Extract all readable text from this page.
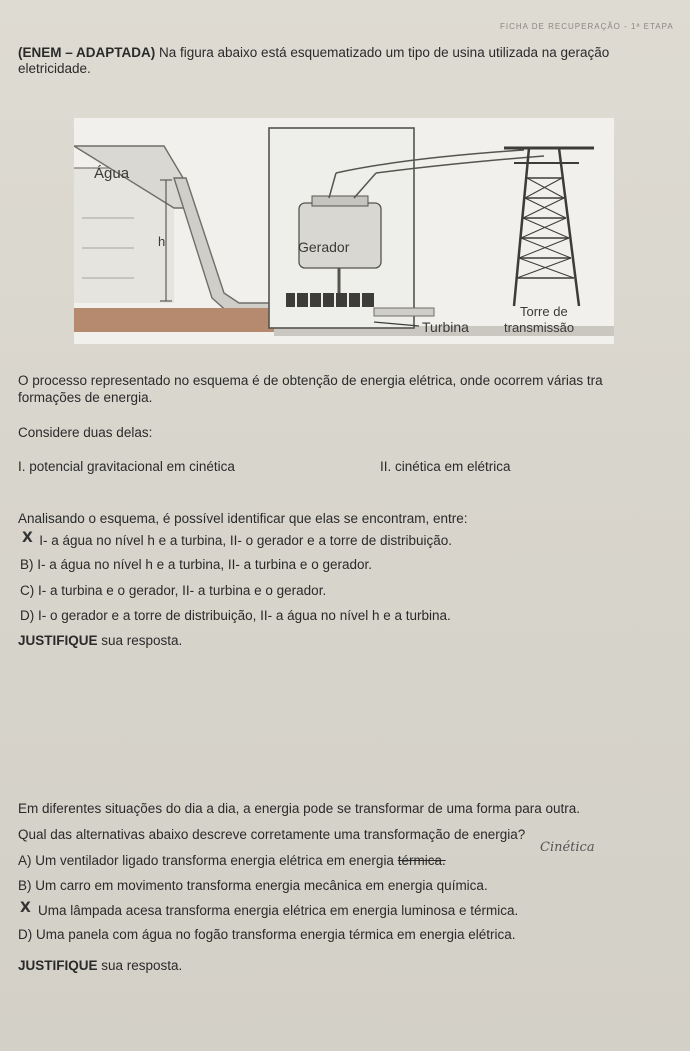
FICHA DE RECUPERAÇÃO - 1ª ETAPA
(ENEM – ADAPTADA) Na figura abaixo está esquematizado um tipo de usina utilizada na geração
eletricidade.
Água
h	Gerador
Turbina
Torre de
transmissão
O processo representado no esquema é de obtenção de energia elétrica, onde ocorrem várias tra
formações de energia.
Considere duas delas:
I. potencial gravitacional em cinética	II. cinética em elétrica
Analisando o esquema, é possível identificar que elas se encontram, entre:
X I- a água no nível h e a turbina, II- o gerador e a torre de distribuição.
B) I- a água no nível h e a turbina, II- a turbina e o gerador.
C) I- a turbina e o gerador, II- a turbina e o gerador.
D) I- o gerador e a torre de distribuição, II- a água no nível h e a turbina.
JUSTIFIQUE sua resposta.
Em diferentes situações do dia a dia, a energia pode se transformar de uma forma para outra.
Qual das alternativas abaixo descreve corretamente uma transformação de energia?
Cinética
A) Um ventilador ligado transforma energia elétrica em energia térmica.
B) Um carro em movimento transforma energia mecânica em energia química.
X Uma lâmpada acesa transforma energia elétrica em energia luminosa e térmica.
D) Uma panela com água no fogão transforma energia térmica em energia elétrica.
JUSTIFIQUE sua resposta.
